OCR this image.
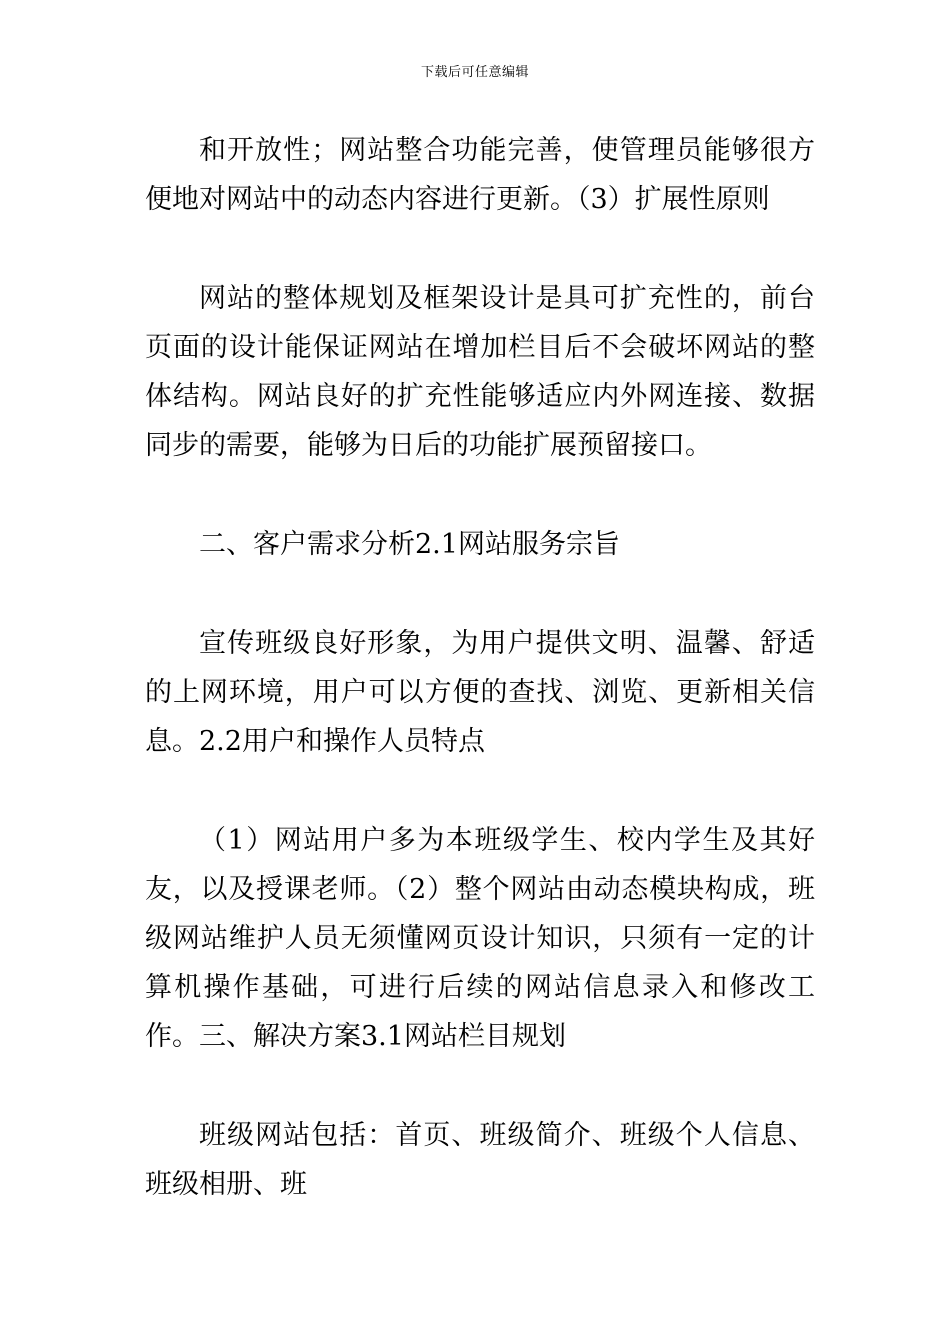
下载后可任意编辑

和开放性；网站整合功能完善，使管理员能够很方便地对网站中的动态内容进行更新。（3）扩展性原则

网站的整体规划及框架设计是具可扩充性的，前台页面的设计能保证网站在增加栏目后不会破坏网站的整体结构。网站良好的扩充性能够适应内外网连接、数据同步的需要，能够为日后的功能扩展预留接口。

二、客户需求分析2.1网站服务宗旨

宣传班级良好形象，为用户提供文明、温馨、舒适的上网环境，用户可以方便的查找、浏览、更新相关信息。2.2用户和操作人员特点

（1）网站用户多为本班级学生、校内学生及其好友，以及授课老师。（2）整个网站由动态模块构成，班级网站维护人员无须懂网页设计知识，只须有一定的计算机操作基础，可进行后续的网站信息录入和修改工作。三、解决方案3.1网站栏目规划

班级网站包括：首页、班级简介、班级个人信息、班级相册、班
